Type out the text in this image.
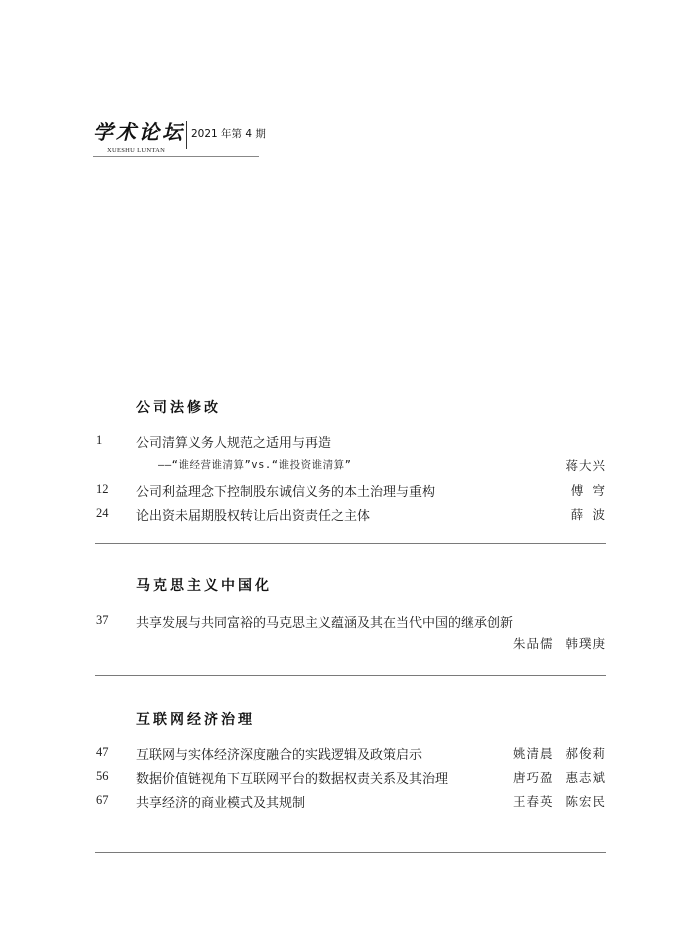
学术论坛 2021 年第 4 期
XUESHU LUNTAN
公司法修改
1	公司清算义务人规范之适用与再造
——“谁经营谁清算”vs.“谁投资谁清算”	蒋大兴
12 公司利益理念下控制股东诚信义务的本土治理与重构	傅  穹
24 论出资未届期股权转让后出资责任之主体	薛  波
马克思主义中国化
37 共享发展与共同富裕的马克思主义蕴涵及其在当代中国的继承创新
朱品儒 韩璞庚
互联网经济治理
47 互联网与实体经济深度融合的实践逻辑及政策启示	姚清晨 郝俊莉
56 数据价值链视角下互联网平台的数据权责关系及其治理	唐巧盈 惠志斌
67 共享经济的商业模式及其规制	王春英 陈宏民
